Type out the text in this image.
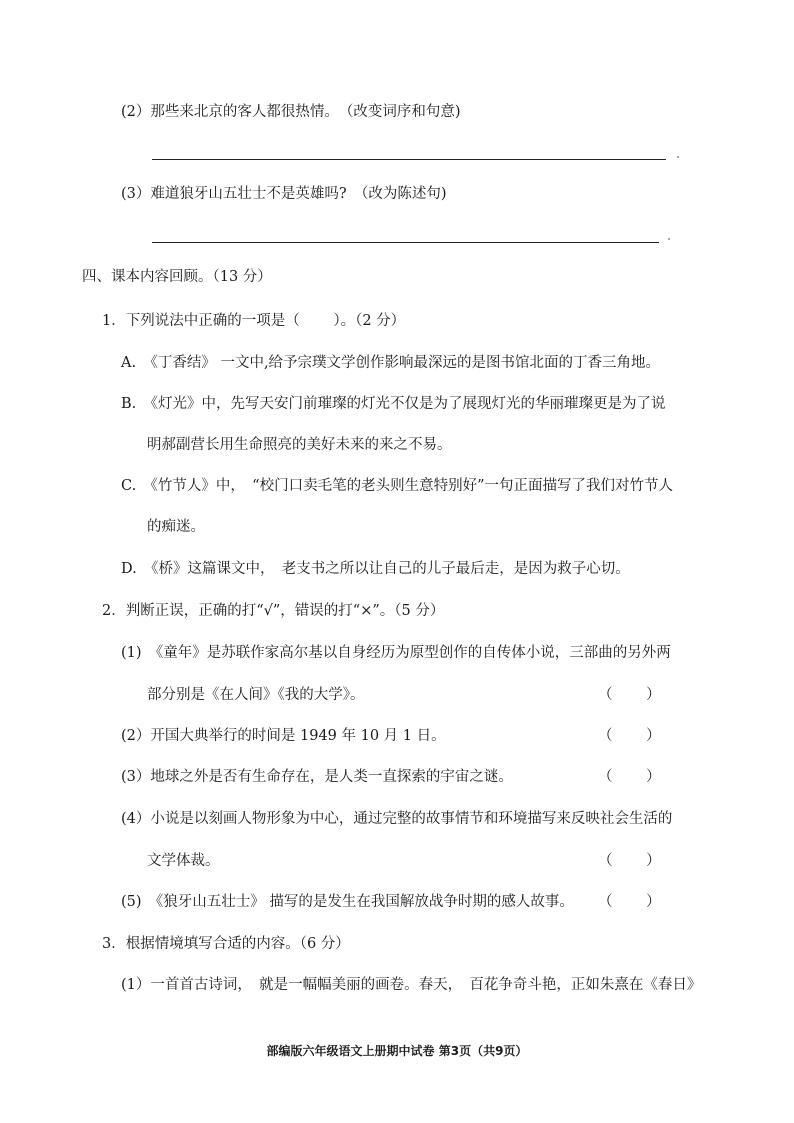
(2）那些来北京的客人都很热情。　（改变词序和句意)
(3）难道狼牙山五壮士不是英雄吗?　（改为陈述句)
四、课本内容回顾。（13 分）
1．下列说法中正确的一项是（　　 ）。（2 分）
A.　《丁香结》 一文中,给予宗璞文学创作影响最深远的是图书馆北面的丁香三角地。
B.　《灯光》中，先写天安门前璀璨的灯光不仅是为了展现灯光的华丽璀璨更是为了说
明郝副营长用生命照亮的美好未来的来之不易。
C.　《竹节人》中，　“校门口卖毛笔的老头则生意特别好”一句正面描写了我们对竹节人
的痴迷。
D.　《桥》这篇课文中，　老支书之所以让自己的儿子最后走，是因为救子心切。
2．判断正误，正确的打“√”，错误的打“×”。（5 分）
(1)　《童年》是苏联作家高尔基以自身经历为原型创作的自传体小说，三部曲的另外两
部分别是《在人间》《我的大学》。	（　　 ）
(2）开国大典举行的时间是 1949 年 10 月 1 日。	（　　 ）
(3）地球之外是否有生命存在，是人类一直探索的宇宙之谜。	（　　 ）
(4）小说是以刻画人物形象为中心，通过完整的故事情节和环境描写来反映社会生活的
文学体裁。	（　　 ）
(5)　《狼牙山五壮士》 描写的是发生在我国解放战争时期的感人故事。 （　　 ）
3．根据情境填写合适的内容。（6 分）
(1）一首首古诗词，　就是一幅幅美丽的画卷。春天，　百花争奇斗艳，正如朱熹在《春日》
部编版六年级语文上册期中试卷 第3页（共9页）
